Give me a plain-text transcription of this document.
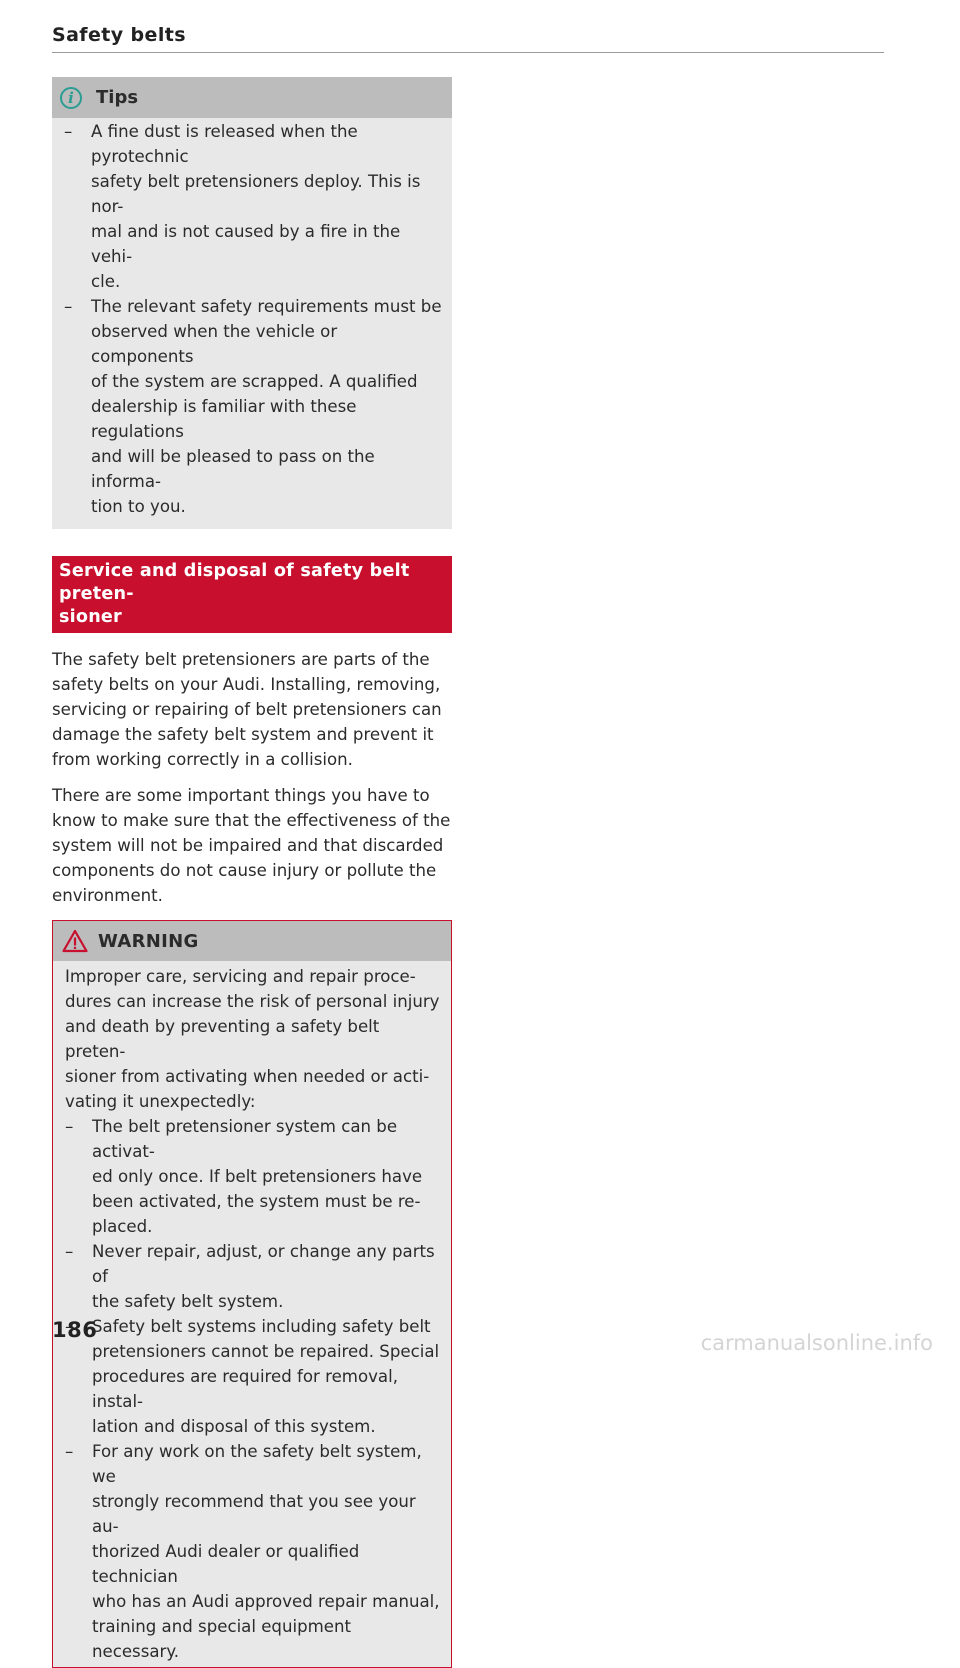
Safety belts
i	Tips
– A fine dust is released when the pyrotechnic
safety belt pretensioners deploy. This is nor-
mal and is not caused by a fire in the vehi-
cle.
– The relevant safety requirements must be
observed when the vehicle or components
of the system are scrapped. A qualified
dealership is familiar with these regulations
and will be pleased to pass on the informa-
tion to you.
Service and disposal of safety belt preten-
sioner
The safety belt pretensioners are parts of the
safety belts on your Audi. Installing, removing,
servicing or repairing of belt pretensioners can
damage the safety belt system and prevent it
from working correctly in a collision.
There are some important things you have to
know to make sure that the effectiveness of the
system will not be impaired and that discarded
components do not cause injury or pollute the
environment.
WARNING
Improper care, servicing and repair proce-
dures can increase the risk of personal injury
and death by preventing a safety belt preten-
sioner from activating when needed or acti-
vating it unexpectedly:
– The belt pretensioner system can be activat-
ed only once. If belt pretensioners have
been activated, the system must be re-
placed.
– Never repair, adjust, or change any parts of
the safety belt system.
– Safety belt systems including safety belt
pretensioners cannot be repaired. Special
procedures are required for removal, instal-
lation and disposal of this system.
– For any work on the safety belt system, we
strongly recommend that you see your au-
thorized Audi dealer or qualified technician
who has an Audi approved repair manual,
training and special equipment necessary.
186
carmanualsonline.info
